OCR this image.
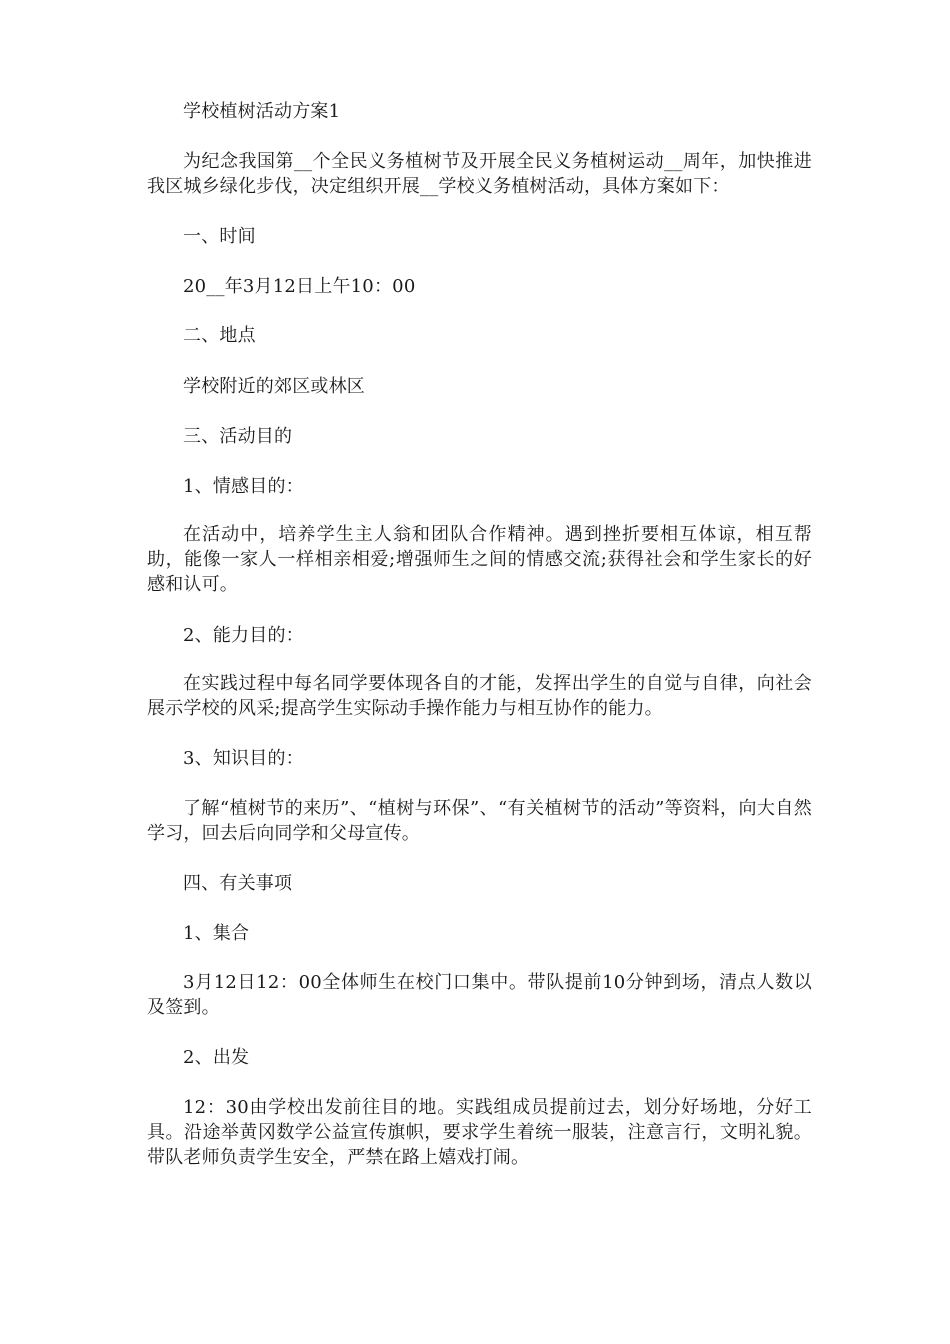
学校植树活动方案1
为纪念我国第__个全民义务植树节及开展全民义务植树运动__周年，加快推进我区城乡绿化步伐，决定组织开展__学校义务植树活动，具体方案如下：
一、时间
20__年3月12日上午10：00
二、地点
学校附近的郊区或林区
三、活动目的
1、情感目的：
在活动中，培养学生主人翁和团队合作精神。遇到挫折要相互体谅，相互帮助，能像一家人一样相亲相爱;增强师生之间的情感交流;获得社会和学生家长的好感和认可。
2、能力目的：
在实践过程中每名同学要体现各自的才能，发挥出学生的自觉与自律，向社会展示学校的风采;提高学生实际动手操作能力与相互协作的能力。
3、知识目的：
了解“植树节的来历”、“植树与环保”、“有关植树节的活动”等资料，向大自然学习，回去后向同学和父母宣传。
四、有关事项
1、集合
3月12日12：00全体师生在校门口集中。带队提前10分钟到场，清点人数以及签到。
2、出发
12：30由学校出发前往目的地。实践组成员提前过去，划分好场地，分好工具。沿途举黄冈数学公益宣传旗帜，要求学生着统一服装，注意言行，文明礼貌。带队老师负责学生安全，严禁在路上嬉戏打闹。
